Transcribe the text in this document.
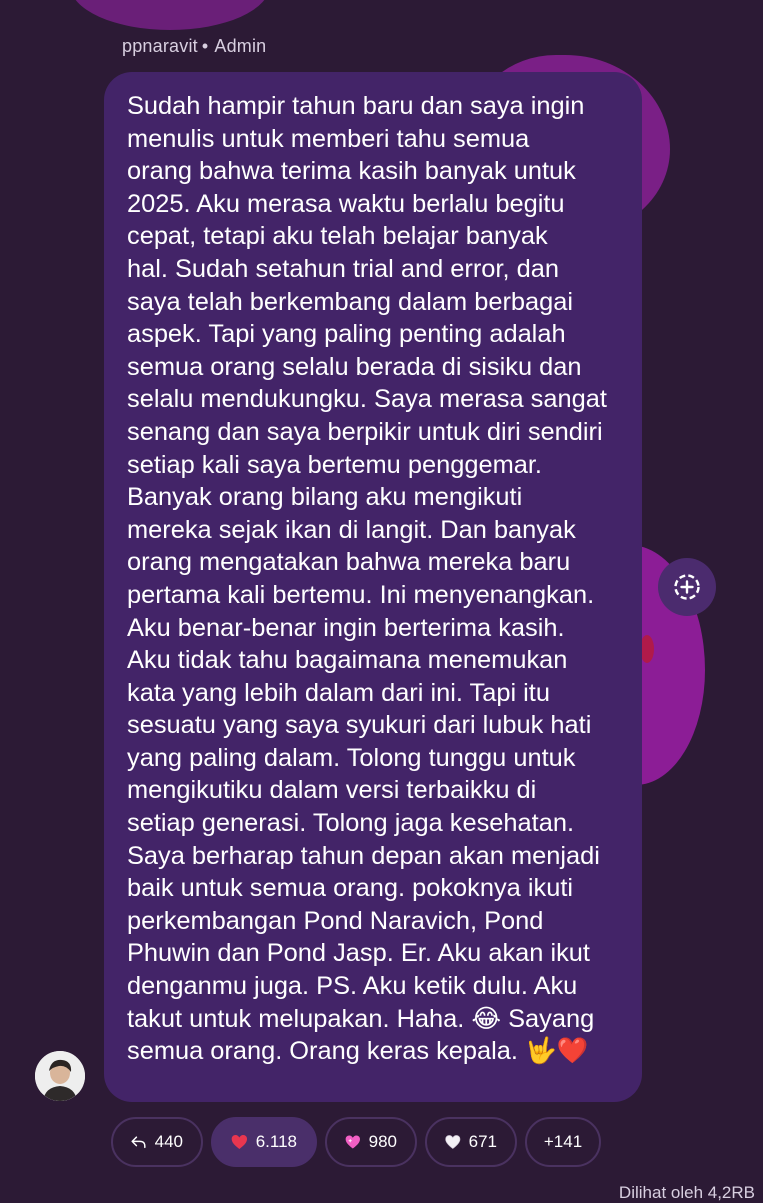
ppnaravit • Admin

Sudah hampir tahun baru dan saya ingin
menulis untuk memberi tahu semua
orang bahwa terima kasih banyak untuk
2025. Aku merasa waktu berlalu begitu
cepat, tetapi aku telah belajar banyak
hal. Sudah setahun trial and error, dan
saya telah berkembang dalam berbagai
aspek. Tapi yang paling penting adalah
semua orang selalu berada di sisiku dan
selalu mendukungku. Saya merasa sangat
senang dan saya berpikir untuk diri sendiri
setiap kali saya bertemu penggemar.
Banyak orang bilang aku mengikuti
mereka sejak ikan di langit. Dan banyak
orang mengatakan bahwa mereka baru
pertama kali bertemu. Ini menyenangkan.
Aku benar-benar ingin berterima kasih.
Aku tidak tahu bagaimana menemukan
kata yang lebih dalam dari ini. Tapi itu
sesuatu yang saya syukuri dari lubuk hati
yang paling dalam. Tolong tunggu untuk
mengikutiku dalam versi terbaikku di
setiap generasi. Tolong jaga kesehatan.
Saya berharap tahun depan akan menjadi
baik untuk semua orang. pokoknya ikuti
perkembangan Pond Naravich, Pond
Phuwin dan Pond Jasp. Er. Aku akan ikut
denganmu juga. PS. Aku ketik dulu. Aku
takut untuk melupakan. Haha. 😂 Sayang
semua orang. Orang keras kepala. 🤟❤️

440	6.118	980	671	+141
Dilihat oleh 4,2RB
